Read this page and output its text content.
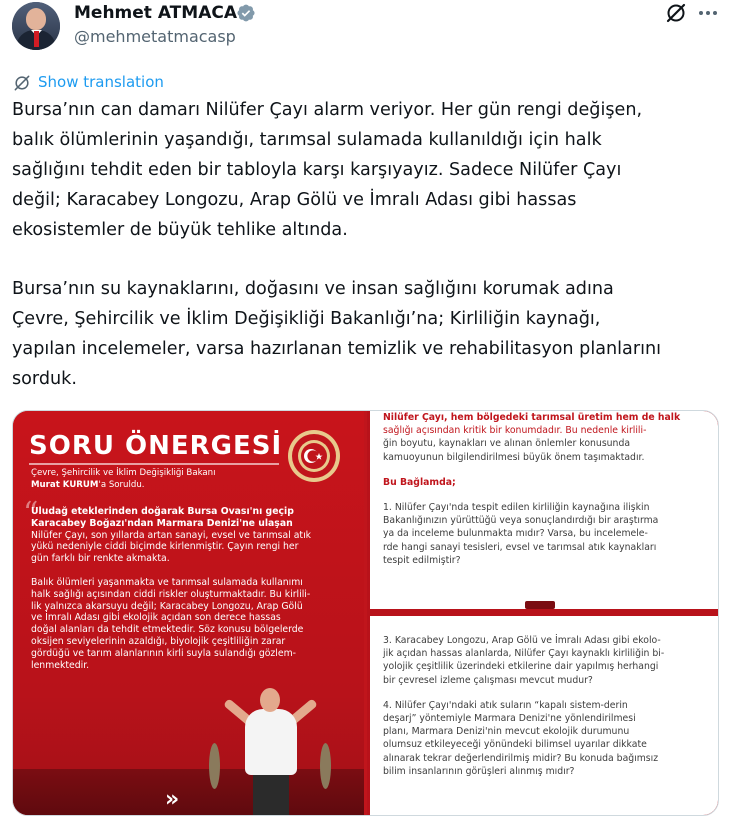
Mehmet ATMACA
@mehmetatmacasp
Show translation

Bursa’nın can damarı Nilüfer Çayı alarm veriyor. Her gün rengi değişen,

balık ölümlerinin yaşandığı, tarımsal sulamada kullanıldığı için halk

sağlığını tehdit eden bir tabloyla karşı karşıyayız. Sadece Nilüfer Çayı

değil; Karacabey Longozu, Arap Gölü ve İmralı Adası gibi hassas

ekosistemler de büyük tehlike altında.

Bursa’nın su kaynaklarını, doğasını ve insan sağlığını korumak adına

Çevre, Şehircilik ve İklim Değişikliği Bakanlığı’na; Kirliliğin kaynağı,

yapılan incelemeler, varsa hazırlanan temizlik ve rehabilitasyon planlarını

sorduk.

SORU ÖNERGESİ
Çevre, Şehircilik ve İklim Değişikliği Bakanı
Murat KURUM'a Soruldu.
“

Uludağ eteklerinden doğarak Bursa Ovası'nı geçip

Karacabey Boğazı'ndan Marmara Denizi'ne ulaşan

Nilüfer Çayı, son yıllarda artan sanayi, evsel ve tarımsal atık

yükü nedeniyle ciddi biçimde kirlenmiştir. Çayın rengi her

gün farklı bir renkte akmakta.

Balık ölümleri yaşanmakta ve tarımsal sulamada kullanımı

halk sağlığı açısından ciddi riskler oluşturmaktadır. Bu kirlili-

lik yalnızca akarsuyu değil; Karacabey Longozu, Arap Gölü

ve İmralı Adası gibi ekolojik açıdan son derece hassas

doğal alanları da tehdit etmektedir. Söz konusu bölgelerde

oksijen seviyelerinin azaldığı, biyolojik çeşitliliğin zarar

gördüğü ve tarım alanlarının kirli suyla sulandığı gözlem-

lenmektedir.

»

Nilüfer Çayı, hem bölgedeki tarımsal üretim hem de halk

sağlığı açısından kritik bir konumdadır. Bu nedenle kirlili-

ğin boyutu, kaynakları ve alınan önlemler konusunda

kamuoyunun bilgilendirilmesi büyük önem taşımaktadır.

Bu Bağlamda;

1. Nilüfer Çayı'nda tespit edilen kirliliğin kaynağına ilişkin

Bakanlığınızın yürüttüğü veya sonuçlandırdığı bir araştırma

ya da inceleme bulunmakta mıdır? Varsa, bu incelemele-

rde hangi sanayi tesisleri, evsel ve tarımsal atık kaynakları

tespit edilmiştir?

3. Karacabey Longozu, Arap Gölü ve İmralı Adası gibi ekolo-

jik açıdan hassas alanlarda, Nilüfer Çayı kaynaklı kirliliğin bi-

yolojik çeşitlilik üzerindeki etkilerine dair yapılmış herhangi

bir çevresel izleme çalışması mevcut mudur?

4. Nilüfer Çayı'ndaki atık suların “kapalı sistem-derin

deşarj” yöntemiyle Marmara Denizi'ne yönlendirilmesi

planı, Marmara Denizi'nin mevcut ekolojik durumunu

olumsuz etkileyeceği yönündeki bilimsel uyarılar dikkate

alınarak tekrar değerlendirilmiş midir? Bu konuda bağımsız

bilim insanlarının görüşleri alınmış mıdır?
